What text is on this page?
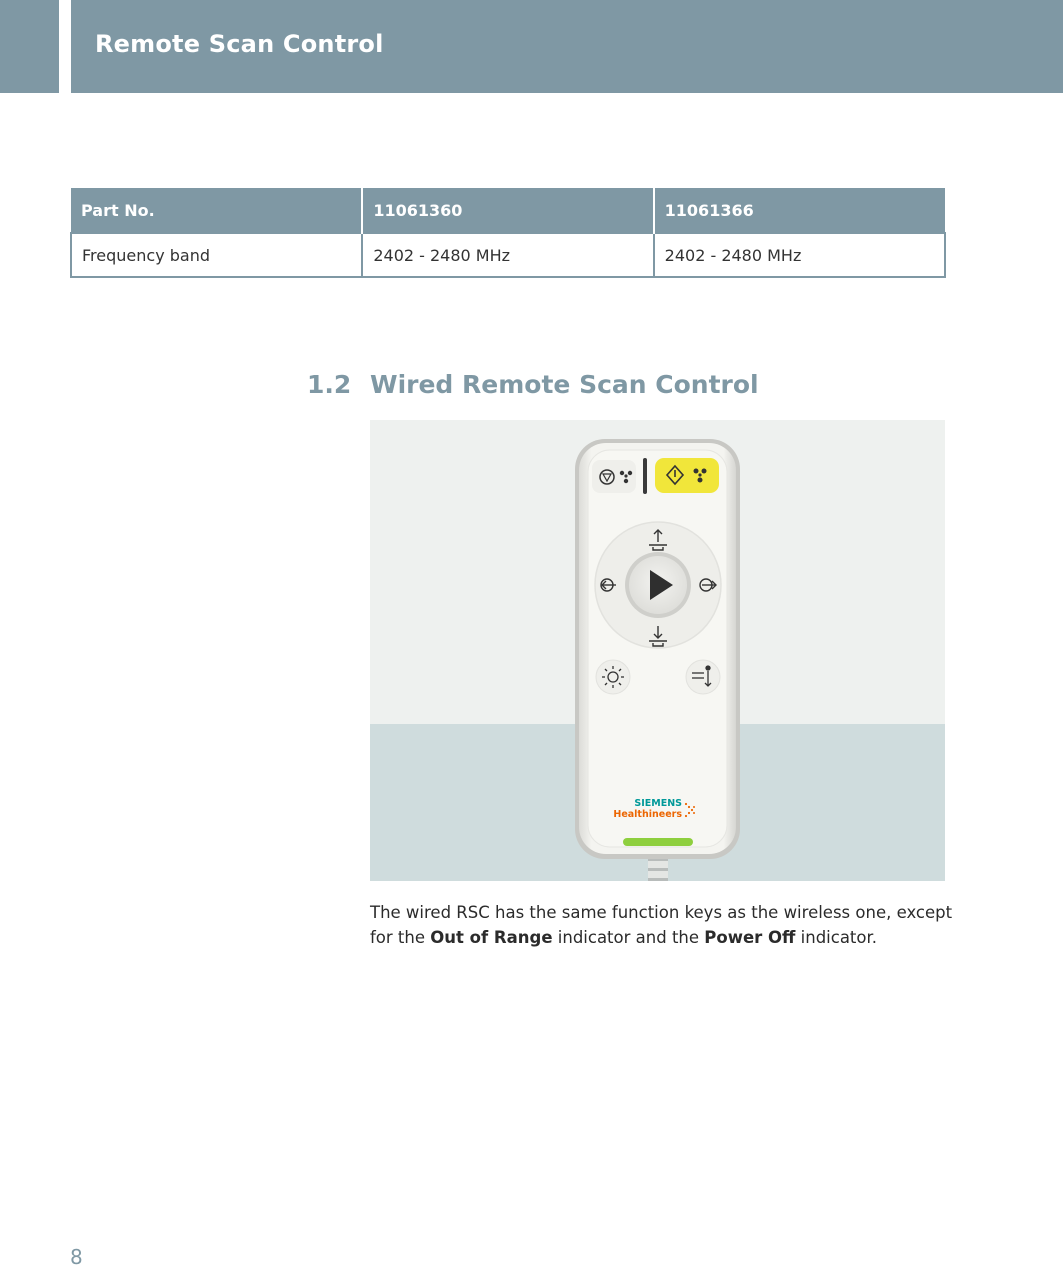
Remote Scan Control
Part No.	11061360	11061366
Frequency band	2402 - 2480 MHz	2402 - 2480 MHz
1.2 Wired Remote Scan Control
SIEMENS
Healthineers
The wired RSC has the same function keys as the wireless one, except for the Out of Range indicator and the Power Off indicator.
8
